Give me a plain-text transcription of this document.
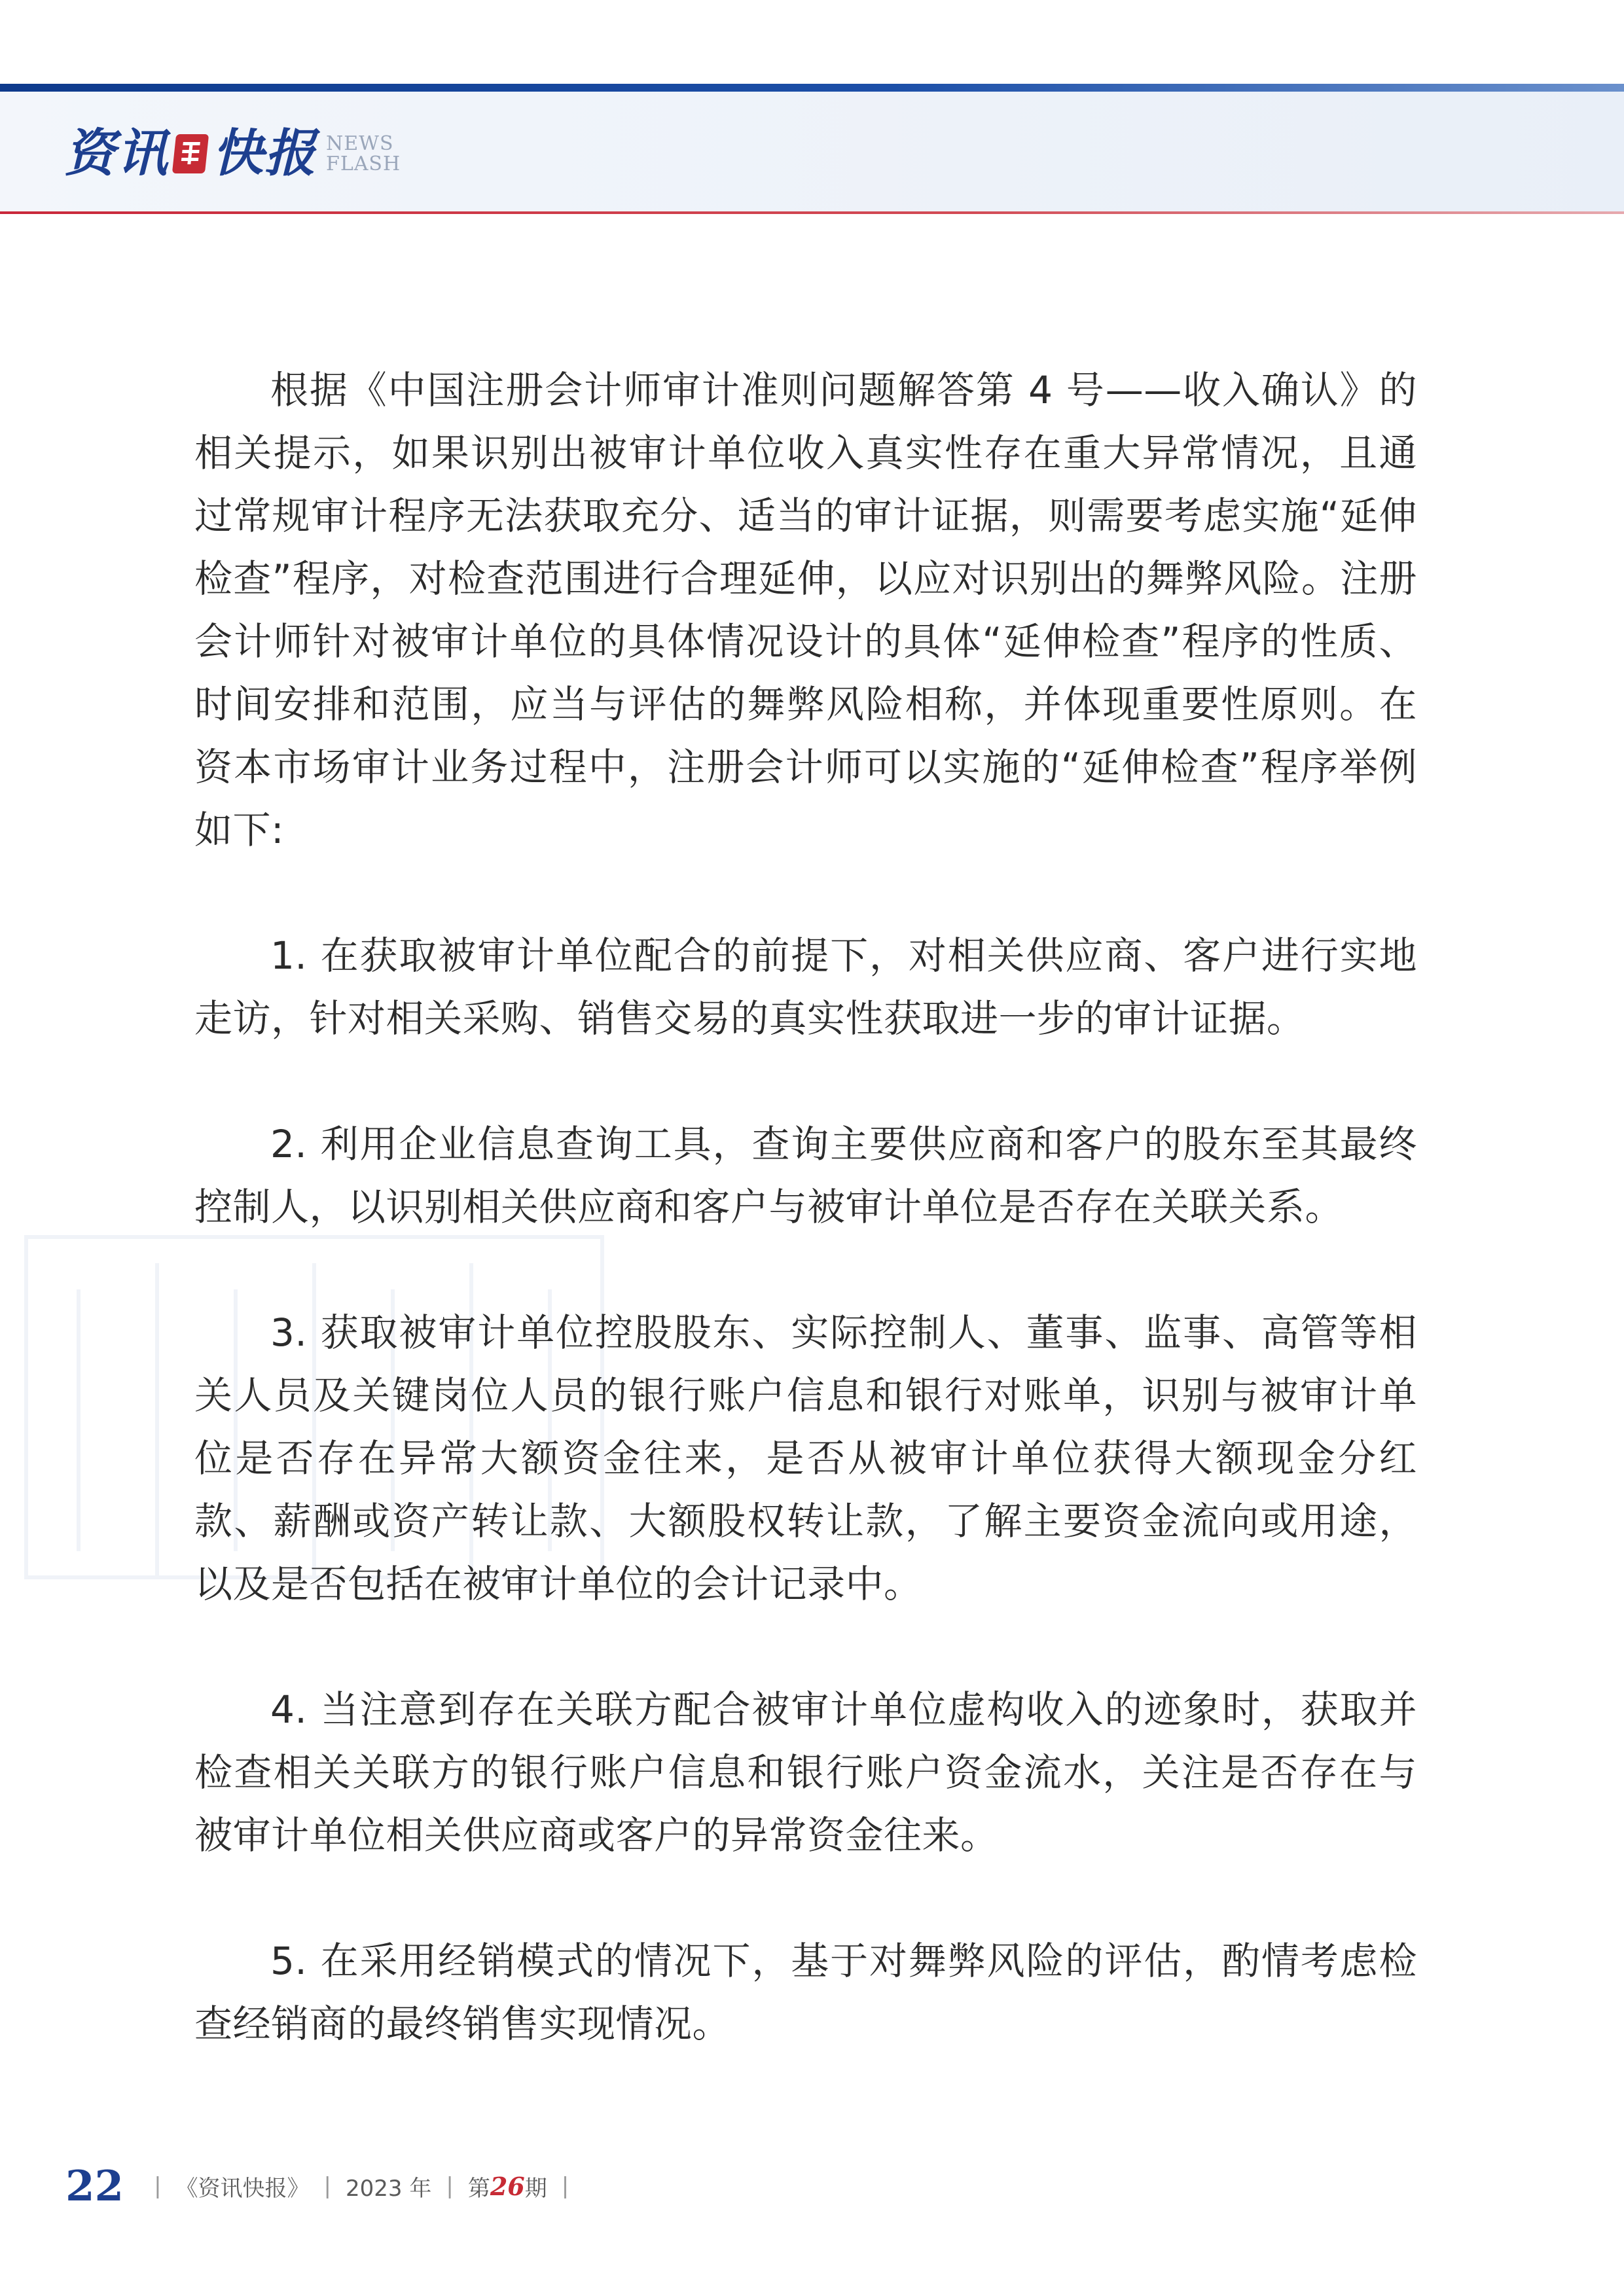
资讯 快报 NEWS
FLASH

根据《中国注册会计师审计准则问题解答第 4 号——收入确认》的相关提示，如果识别出被审计单位收入真实性存在重大异常情况，且通过常规审计程序无法获取充分、适当的审计证据，则需要考虑实施“延伸检查”程序，对检查范围进行合理延伸，以应对识别出的舞弊风险。注册会计师针对被审计单位的具体情况设计的具体“延伸检查”程序的性质、时间安排和范围，应当与评估的舞弊风险相称，并体现重要性原则。在资本市场审计业务过程中，注册会计师可以实施的“延伸检查”程序举例如下:

1. 在获取被审计单位配合的前提下，对相关供应商、客户进行实地走访，针对相关采购、销售交易的真实性获取进一步的审计证据。

2. 利用企业信息查询工具，查询主要供应商和客户的股东至其最终控制人，以识别相关供应商和客户与被审计单位是否存在关联关系。

3. 获取被审计单位控股股东、实际控制人、董事、监事、高管等相关人员及关键岗位人员的银行账户信息和银行对账单，识别与被审计单位是否存在异常大额资金往来，是否从被审计单位获得大额现金分红款、薪酬或资产转让款、大额股权转让款，了解主要资金流向或用途，以及是否包括在被审计单位的会计记录中。

4. 当注意到存在关联方配合被审计单位虚构收入的迹象时，获取并检查相关关联方的银行账户信息和银行账户资金流水，关注是否存在与被审计单位相关供应商或客户的异常资金往来。

5. 在采用经销模式的情况下，基于对舞弊风险的评估，酌情考虑检查经销商的最终销售实现情况。

22 | 《资讯快报》 | 2023 年 | 第 26 期 |
